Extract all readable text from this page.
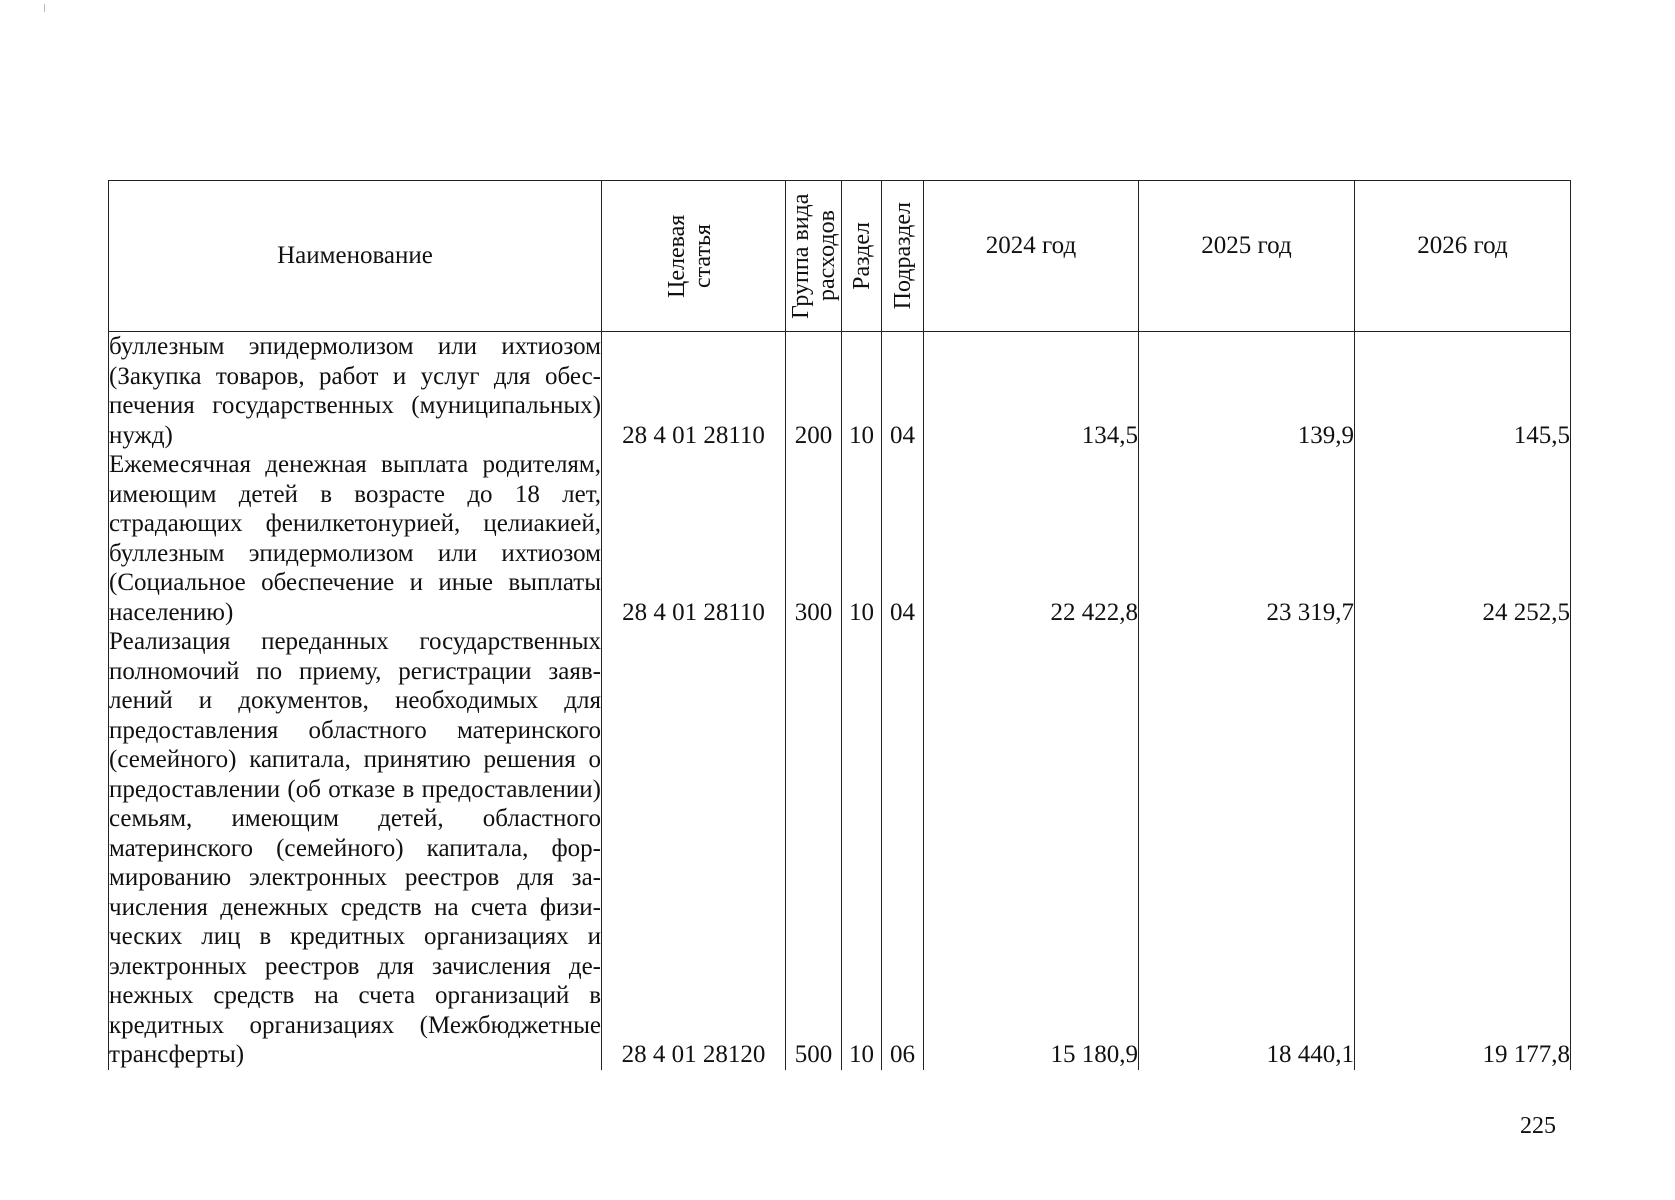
Наименование	Целевая статья	Группа вида расходов	Раздел	Подраздел	2024 год	2025 год	2026 год
буллезным эпидермолизом или ихтиозом (Закупка товаров, работ и услуг для обеспечения государственных (муниципальных) нужд)	28 4 01 28110	200	10	04	134,5	139,9	145,5
Ежемесячная денежная выплата родителям, имеющим детей в возрасте до 18 лет, страдающих фенилкетонурией, целиакией, буллезным эпидермолизом или ихтиозом (Социальное обеспечение и иные выплаты населению)	28 4 01 28110	300	10	04	22 422,8	23 319,7	24 252,5
Реализация переданных государственных полномочий по приему, регистрации заявлений и документов, необходимых для предоставления областного материнского (семейного) капитала, принятию решения о предоставлении (об отказе в предоставлении) семьям, имеющим детей, областного материнского (семейного) капитала, формированию электронных реестров для зачисления денежных средств на счета физических лиц в кредитных организациях и электронных реестров для зачисления денежных средств на счета организаций в кредитных организациях (Межбюджетные трансферты)	28 4 01 28120	500	10	06	15 180,9	18 440,1	19 177,8
225
